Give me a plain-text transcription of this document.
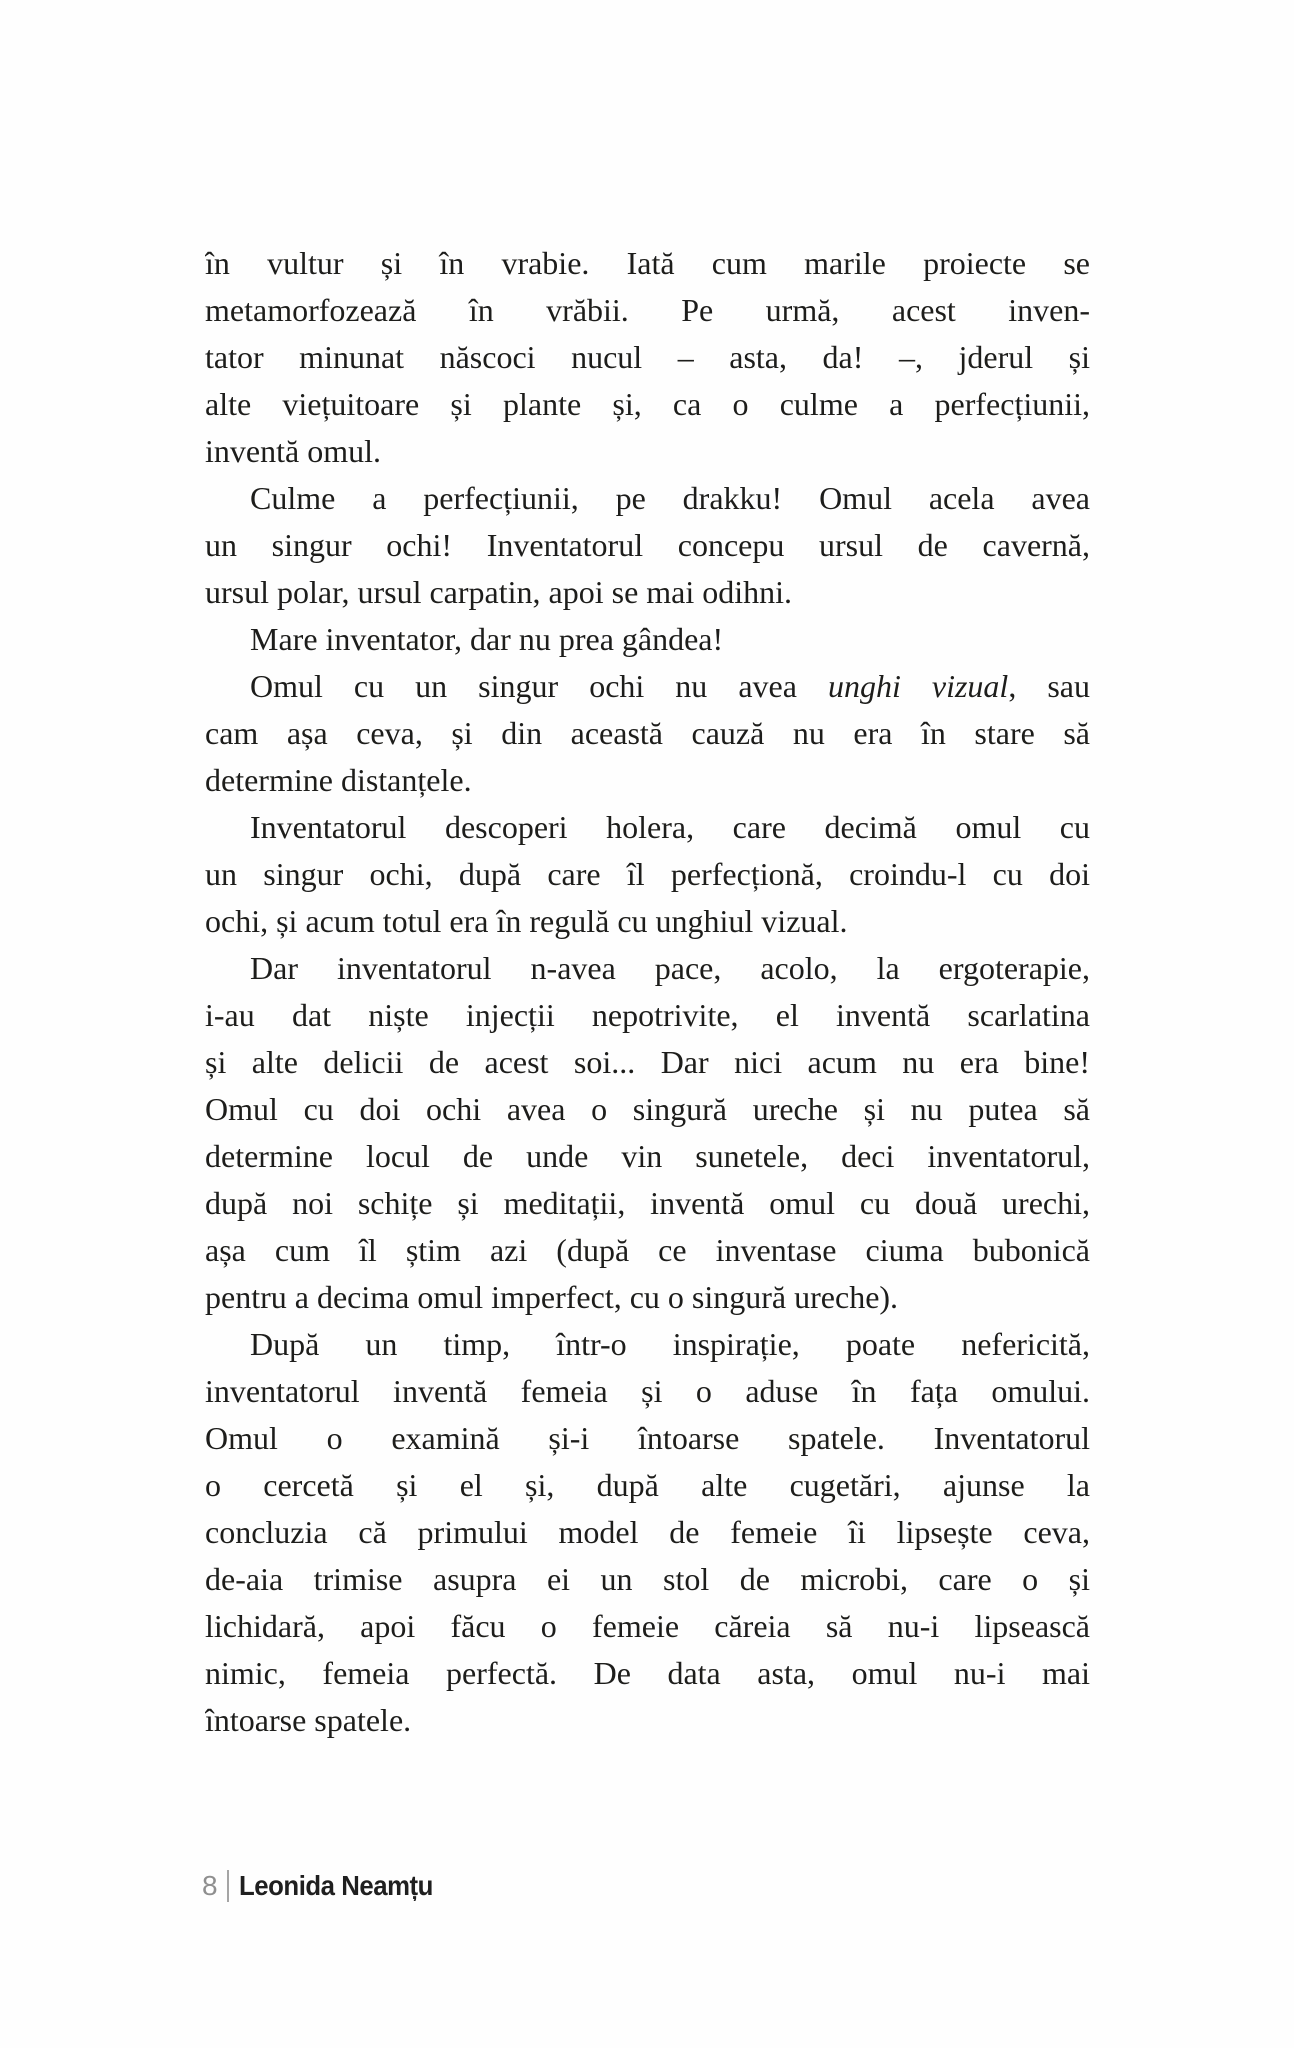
în vultur și în vrabie. Iată cum marile proiecte se
metamorfozează în vrăbii. Pe urmă, acest inven-
tator minunat născoci nucul – asta, da! –, jderul și
alte viețuitoare și plante și, ca o culme a perfecțiunii,
inventă omul.
Culme a perfecțiunii, pe drakku! Omul acela avea
un singur ochi! Inventatorul concepu ursul de cavernă,
ursul polar, ursul carpatin, apoi se mai odihni.
Mare inventator, dar nu prea gândea!
Omul cu un singur ochi nu avea unghi vizual, sau
cam așa ceva, și din această cauză nu era în stare să
determine distanțele.
Inventatorul descoperi holera, care decimă omul cu
un singur ochi, după care îl perfecționă, croindu-l cu doi
ochi, și acum totul era în regulă cu unghiul vizual.
Dar inventatorul n-avea pace, acolo, la ergoterapie,
i-au dat niște injecții nepotrivite, el inventă scarlatina
și alte delicii de acest soi... Dar nici acum nu era bine!
Omul cu doi ochi avea o singură ureche și nu putea să
determine locul de unde vin sunetele, deci inventatorul,
după noi schițe și meditații, inventă omul cu două urechi,
așa cum îl știm azi (după ce inventase ciuma bubonică
pentru a decima omul imperfect, cu o singură ureche).
După un timp, într-o inspirație, poate nefericită,
inventatorul inventă femeia și o aduse în fața omului.
Omul o examină și-i întoarse spatele. Inventatorul
o cercetă și el și, după alte cugetări, ajunse la
concluzia că primului model de femeie îi lipsește ceva,
de-aia trimise asupra ei un stol de microbi, care o și
lichidară, apoi făcu o femeie căreia să nu-i lipsească
nimic, femeia perfectă. De data asta, omul nu-i mai
întoarse spatele.
8 Leonida Neamțu
